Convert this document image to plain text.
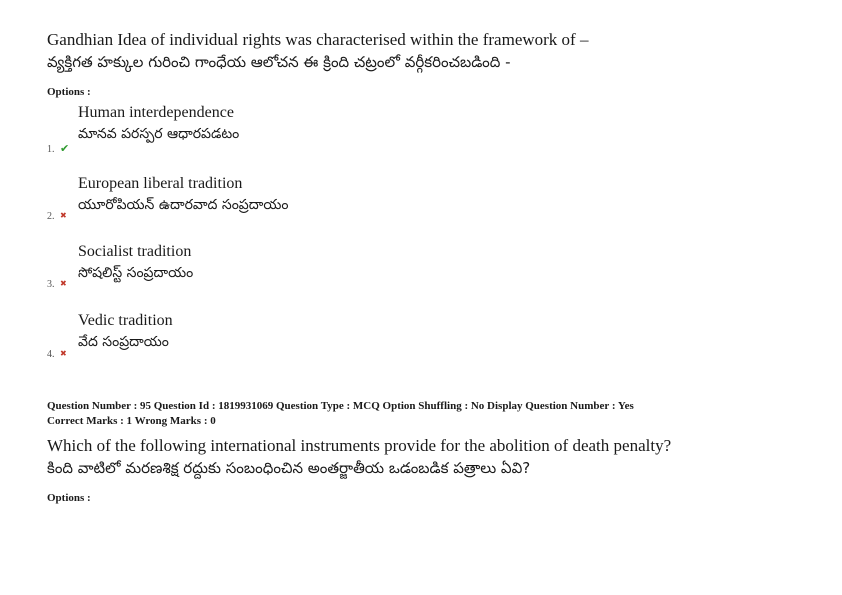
Gandhian Idea of individual rights was characterised within the framework of –
వ్యక్తిగత హక్కుల గురించి గాంధేయ ఆలోచన ఈ క్రింది చట్రంలో వర్గీకరించబడింది -
Options :
Human interdependence
మానవ పరస్పర ఆధారపడటం
1. ✔
European liberal tradition
యూరోపియన్ ఉదారవాద సంప్రదాయం
2. ✖
Socialist tradition
సోషలిస్ట్ సంప్రదాయం
3. ✖
Vedic tradition
వేద సంప్రదాయం
4. ✖
Question Number : 95 Question Id : 1819931069 Question Type : MCQ Option Shuffling : No Display Question Number : Yes
Correct Marks : 1 Wrong Marks : 0
Which of the following international instruments provide for the abolition of death penalty?
కింది వాటిలో మరణశిక్ష రద్దుకు సంబంధించిన అంతర్జాతీయ ఒడంబడిక పత్రాలు ఏవి?
Options :
